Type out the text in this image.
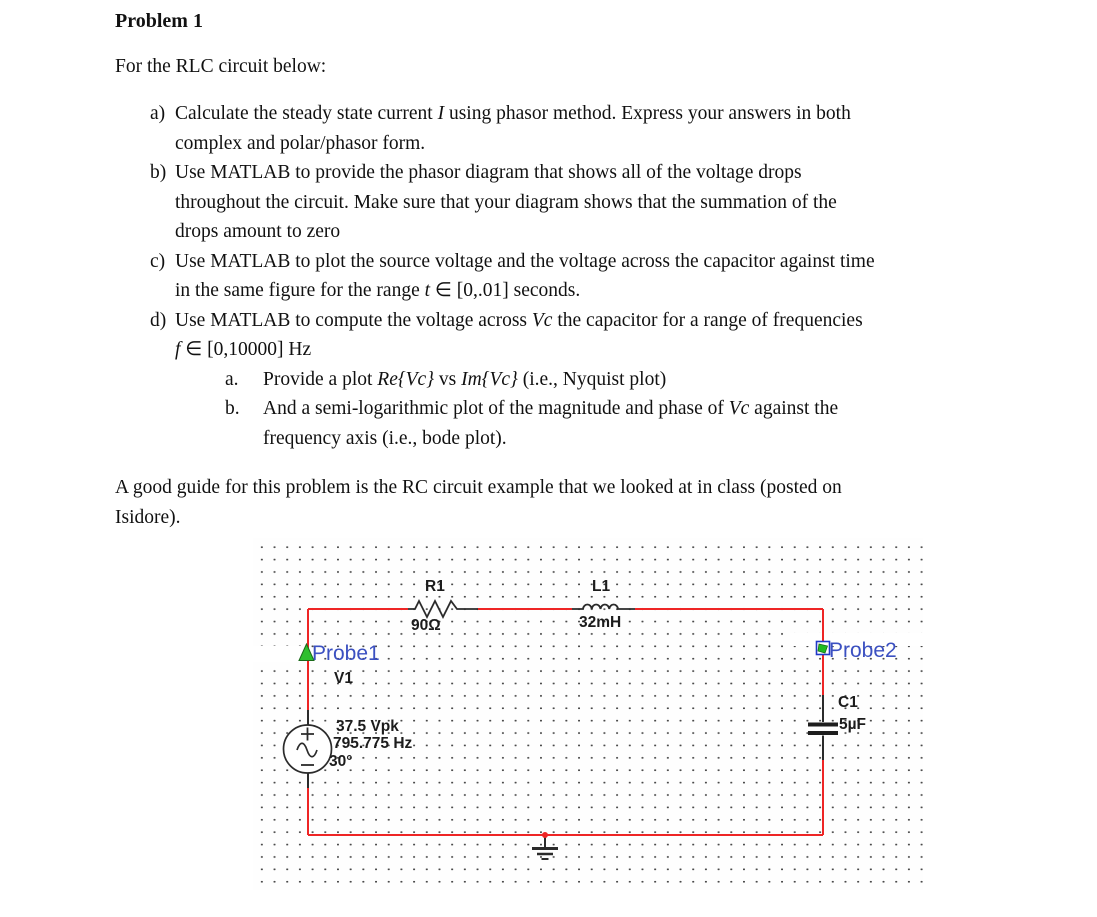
Problem 1

For the RLC circuit below:

a) Calculate the steady state current I using phasor method. Express your answers in both
complex and polar/phasor form.
b) Use MATLAB to provide the phasor diagram that shows all of the voltage drops
throughout the circuit. Make sure that your diagram shows that the summation of the
drops amount to zero
c) Use MATLAB to plot the source voltage and the voltage across the capacitor against time
in the same figure for the range t ∈ [0,.01] seconds.
d) Use MATLAB to compute the voltage across Vc the capacitor for a range of frequencies
f ∈ [0,10000] Hz
a. Provide a plot Re{Vc} vs Im{Vc} (i.e., Nyquist plot)
b. And a semi-logarithmic plot of the magnitude and phase of Vc against the
frequency axis (i.e., bode plot).
A good guide for this problem is the RC circuit example that we looked at in class (posted on
Isidore).
R1
90Ω
L1
32mH
Probe1
V1
37.5 Vpk
795.775 Hz
30°
Probe2
C1
5µF
